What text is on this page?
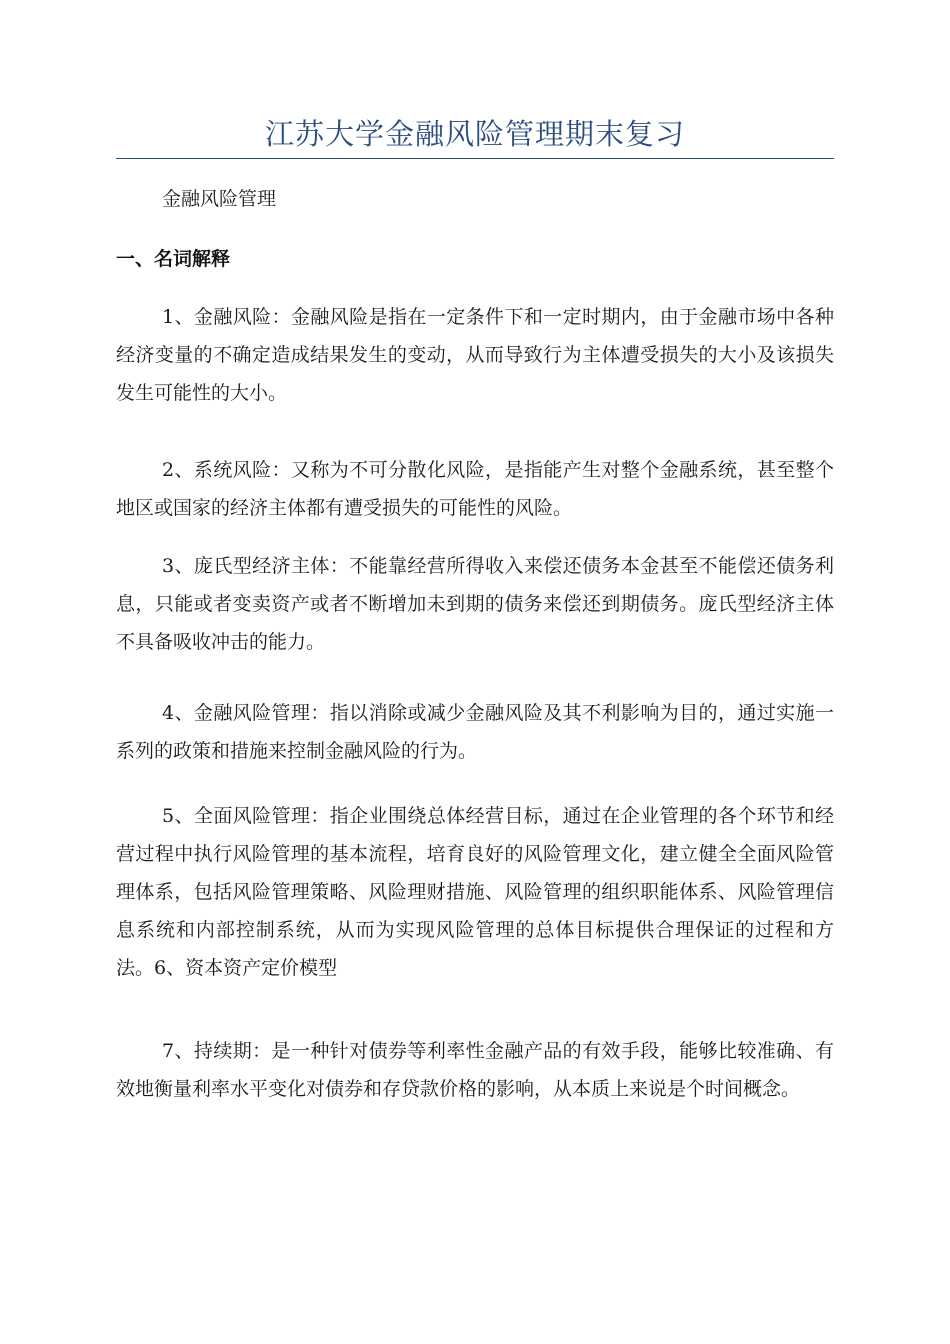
江苏大学金融风险管理期末复习
金融风险管理
一、名词解释

1、金融风险：金融风险是指在一定条件下和一定时期内，由于金融市场中各种经济变量的不确定造成结果发生的变动，从而导致行为主体遭受损失的大小及该损失发生可能性的大小。

2、系统风险：又称为不可分散化风险，是指能产生对整个金融系统，甚至整个地区或国家的经济主体都有遭受损失的可能性的风险。

3、庞氏型经济主体：不能靠经营所得收入来偿还债务本金甚至不能偿还债务利息，只能或者变卖资产或者不断增加未到期的债务来偿还到期债务。庞氏型经济主体不具备吸收冲击的能力。

4、金融风险管理：指以消除或减少金融风险及其不利影响为目的，通过实施一系列的政策和措施来控制金融风险的行为。

5、全面风险管理：指企业围绕总体经营目标，通过在企业管理的各个环节和经营过程中执行风险管理的基本流程，培育良好的风险管理文化，建立健全全面风险管理体系，包括风险管理策略、风险理财措施、风险管理的组织职能体系、风险管理信息系统和内部控制系统，从而为实现风险管理的总体目标提供合理保证的过程和方法。6、资本资产定价模型

7、持续期：是一种针对债券等利率性金融产品的有效手段，能够比较准确、有效地衡量利率水平变化对债券和存贷款价格的影响，从本质上来说是个时间概念。
